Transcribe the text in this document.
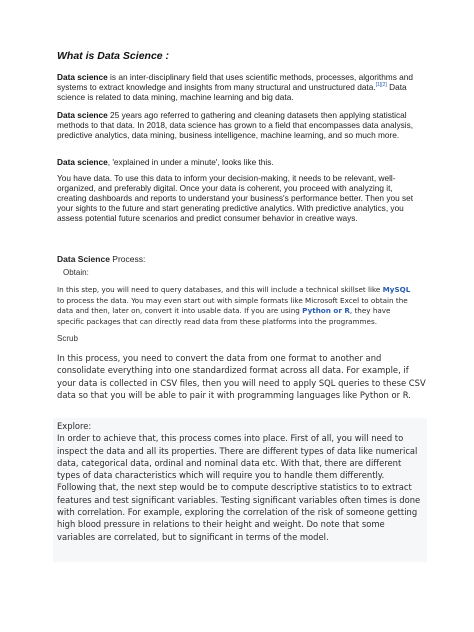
What is Data Science :
Data science is an inter-disciplinary field that uses scientific methods, processes, algorithms and systems to extract knowledge and insights from many structural and unstructured data.[1][2] Data science is related to data mining, machine learning and big data.
Data science 25 years ago referred to gathering and cleaning datasets then applying statistical methods to that data. In 2018, data science has grown to a field that encompasses data analysis, predictive analytics, data mining, business intelligence, machine learning, and so much more.
Data science, 'explained in under a minute', looks like this.
You have data. To use this data to inform your decision-making, it needs to be relevant, well-organized, and preferably digital. Once your data is coherent, you proceed with analyzing it, creating dashboards and reports to understand your business's performance better. Then you set your sights to the future and start generating predictive analytics. With predictive analytics, you assess potential future scenarios and predict consumer behavior in creative ways.
Data Science Process:
Obtain:
In this step, you will need to query databases, and this will include a technical skillset like MySQL to process the data. You may even start out with simple formats like Microsoft Excel to obtain the data and then, later on, convert it into usable data. If you are using Python or R, they have specific packages that can directly read data from these platforms into the programmes.
Scrub
In this process, you need to convert the data from one format to another and consolidate everything into one standardized format across all data. For example, if your data is collected in CSV files, then you will need to apply SQL queries to these CSV data so that you will be able to pair it with programming languages like Python or R.
Explore:
In order to achieve that, this process comes into place. First of all, you will need to inspect the data and all its properties. There are different types of data like numerical data, categorical data, ordinal and nominal data etc. With that, there are different types of data characteristics which will require you to handle them differently.
Following that, the next step would be to compute descriptive statistics to to extract features and test significant variables. Testing significant variables often times is done with correlation. For example, exploring the correlation of the risk of someone getting high blood pressure in relations to their height and weight. Do note that some variables are correlated, but to significant in terms of the model.
